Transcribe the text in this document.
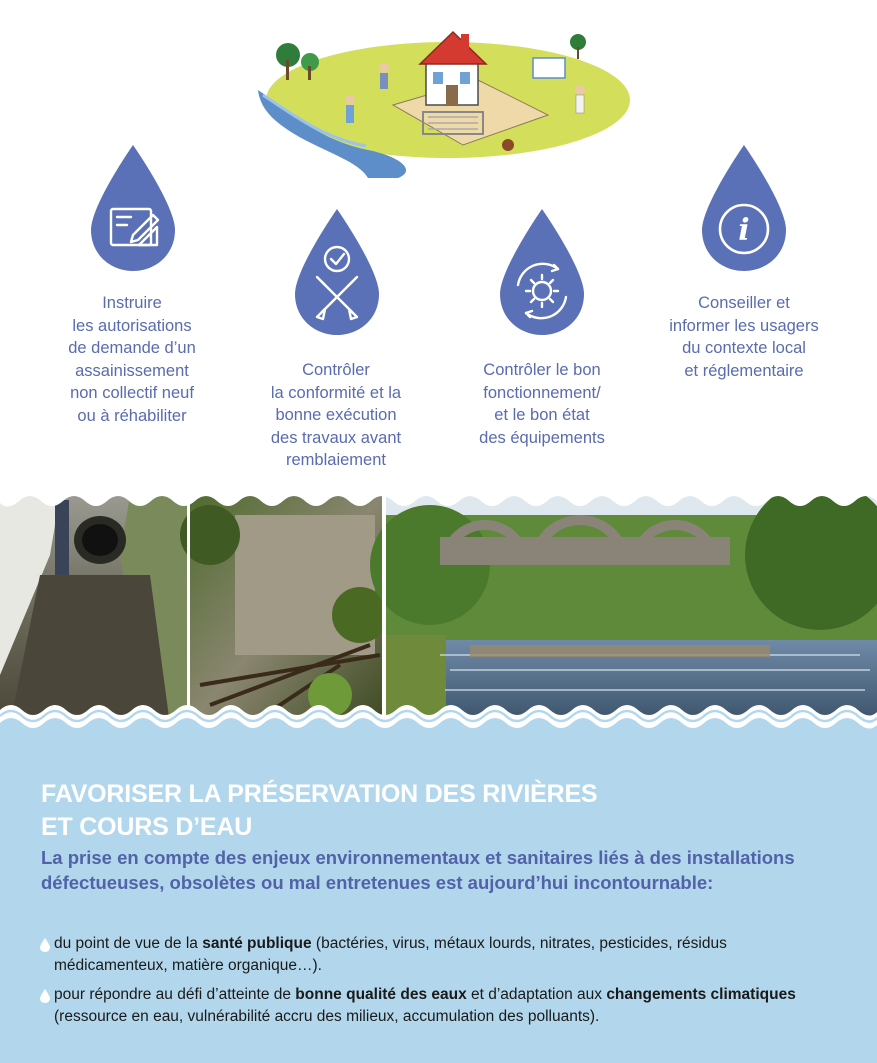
Instruire
les autorisations
de demande d’un
assainissement
non collectif neuf
ou à réhabiliter
Contrôler
la conformité et la
bonne exécution
des travaux avant
remblaiement
Contrôler le bon
fonctionnement/
et le bon état
des équipements
i
Conseiller et
informer les usagers
du contexte local
et réglementaire
FAVORISER LA PRÉSERVATION DES RIVIÈRES
ET COURS D’EAU
La prise en compte des enjeux environnementaux et sanitaires liés à des installations défectueuses, obsolètes ou mal entretenues est aujourd’hui incontournable:
du point de vue de la santé publique (bactéries, virus, métaux lourds, nitrates, pesticides, résidus médicamenteux, matière organique…).
pour répondre au défi d’atteinte de bonne qualité des eaux et d’adaptation aux changements climatiques (ressource en eau, vulnérabilité accru des milieux, accumulation des polluants).
